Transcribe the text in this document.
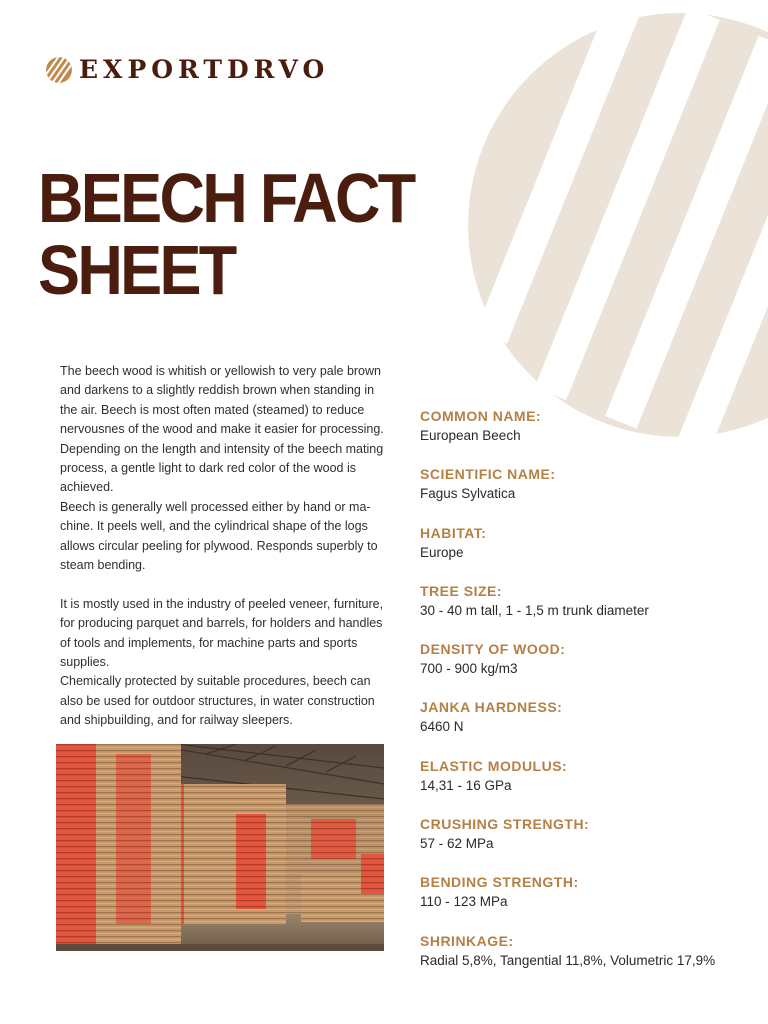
EXPORTDRVO
BEECH FACT
SHEET

The beech wood is whitish or yellowish to very pale brown and darkens to a slightly reddish brown when standing in the air. Beech is most often mated (steamed) to reduce nervousnes of the wood and make it easier for processing. Depending on the length and intensity of the beech mating process, a gentle light to dark red color of the wood is achieved.

Beech is generally well processed either by hand or ma-chine. It peels well, and the cylindrical shape of the logs allows circular peeling for plywood. Responds superbly to steam bending.

It is mostly used in the industry of peeled veneer, furniture, for producing parquet and barrels, for holders and handles of tools and implements, for machine parts and sports supplies.

Chemically protected by suitable procedures, beech can also be used for outdoor structures, in water construction and shipbuilding, and for railway sleepers.

COMMON NAME:
European Beech
SCIENTIFIC NAME:
Fagus Sylvatica
HABITAT:
Europe
TREE SIZE:
30 - 40 m tall, 1 - 1,5 m trunk diameter
DENSITY OF WOOD:
700 - 900 kg/m3
JANKA HARDNESS:
6460 N
ELASTIC MODULUS:
14,31 - 16 GPa
CRUSHING STRENGTH:
57 - 62 MPa
BENDING STRENGTH:
110 - 123 MPa
SHRINKAGE:
Radial 5,8%, Tangential 11,8%, Volumetric 17,9%
